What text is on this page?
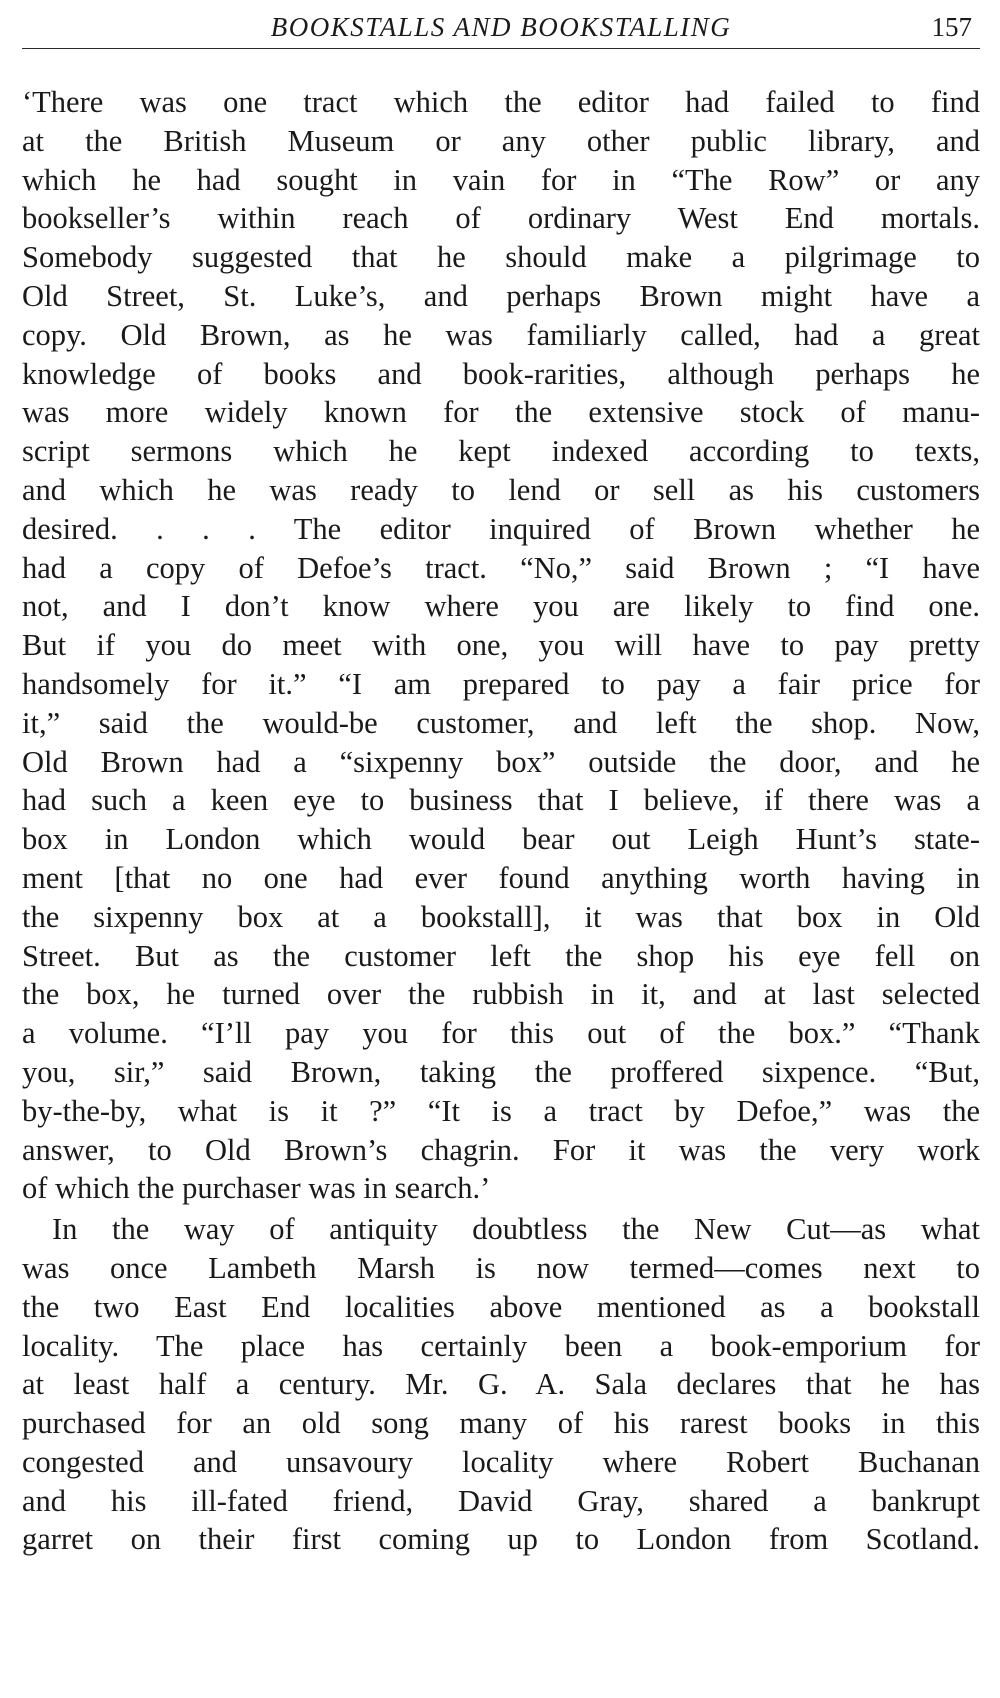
BOOKSTALLS AND BOOKSTALLING	157

‘There was one tract which the editor had failed to find
at the British Museum or any other public library, and
which he had sought in vain for in “The Row” or any
bookseller’s within reach of ordinary West End mortals.
Somebody suggested that he should make a pilgrimage to
Old Street, St. Luke’s, and perhaps Brown might have a
copy. Old Brown, as he was familiarly called, had a great
knowledge of books and book-rarities, although perhaps he
was more widely known for the extensive stock of manu-
script sermons which he kept indexed according to texts,
and which he was ready to lend or sell as his customers
desired. . . . The editor inquired of Brown whether he
had a copy of Defoe’s tract. “No,” said Brown ; “I have
not, and I don’t know where you are likely to find one.
But if you do meet with one, you will have to pay pretty
handsomely for it.” “I am prepared to pay a fair price for
it,” said the would-be customer, and left the shop. Now,
Old Brown had a “sixpenny box” outside the door, and he
had such a keen eye to business that I believe, if there was a
box in London which would bear out Leigh Hunt’s state-
ment [that no one had ever found anything worth having in
the sixpenny box at a bookstall], it was that box in Old
Street. But as the customer left the shop his eye fell on
the box, he turned over the rubbish in it, and at last selected
a volume. “I’ll pay you for this out of the box.” “Thank
you, sir,” said Brown, taking the proffered sixpence. “But,
by-the-by, what is it ?” “It is a tract by Defoe,” was the
answer, to Old Brown’s chagrin. For it was the very work
of which the purchaser was in search.’

In the way of antiquity doubtless the New Cut—as what
was once Lambeth Marsh is now termed—comes next to
the two East End localities above mentioned as a bookstall
locality. The place has certainly been a book-emporium for
at least half a century. Mr. G. A. Sala declares that he has
purchased for an old song many of his rarest books in this
congested and unsavoury locality where Robert Buchanan
and his ill-fated friend, David Gray, shared a bankrupt
garret on their first coming up to London from Scotland.
